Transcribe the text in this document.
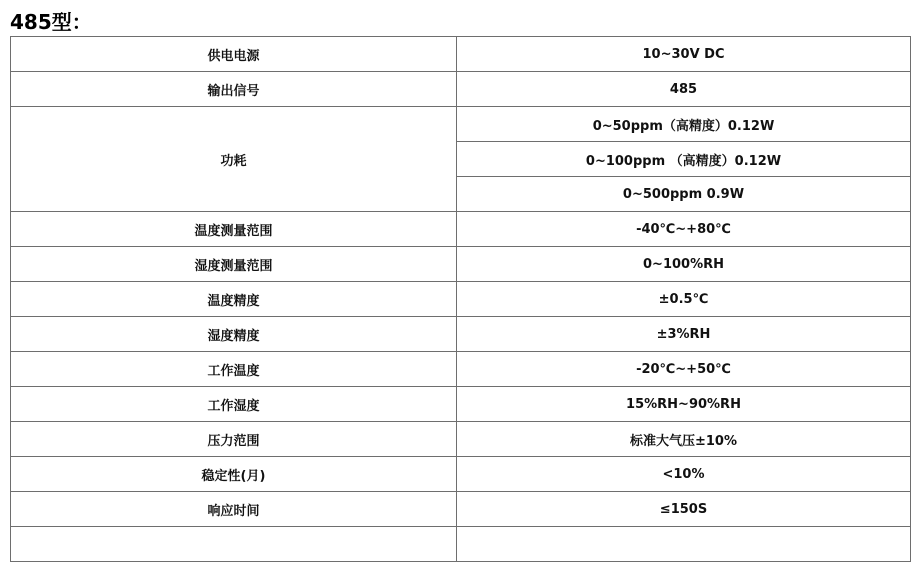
485型：
供电电源	10~30V DC
输出信号	485
功耗	0~50ppm（高精度）0.12W
	0~100ppm （高精度）0.12W
	0~500ppm 0.9W
温度测量范围	-40℃~+80℃
湿度测量范围	0~100%RH
温度精度	±0.5℃
湿度精度	±3%RH
工作温度	-20℃~+50℃
工作湿度	15%RH~90%RH
压力范围	标准大气压±10%
稳定性(月)	<10%
响应时间	≤150S
